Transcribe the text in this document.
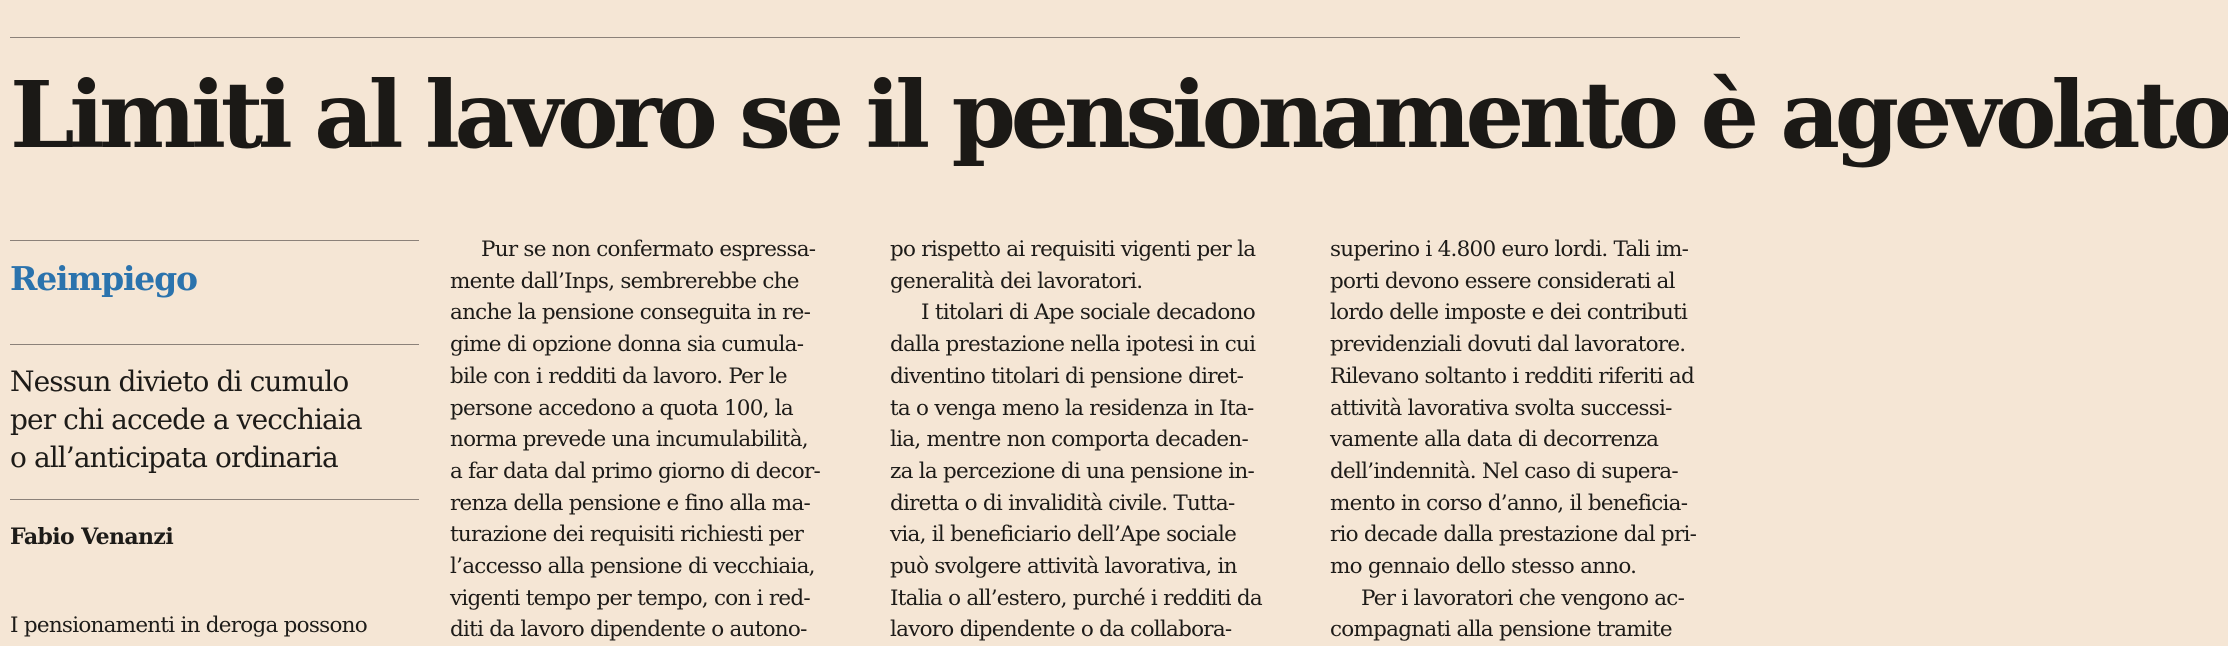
Limiti al lavoro se il pensionamento è agevolato
Reimpiego
Nessun divieto di cumulo
per chi accede a vecchiaia
o all’anticipata ordinaria
Fabio Venanzi
I pensionamenti in deroga possono
Pur se non confermato espressa-
mente dall’Inps, sembrerebbe che
anche la pensione conseguita in re-
gime di opzione donna sia cumula-
bile con i redditi da lavoro. Per le
persone accedono a quota 100, la
norma prevede una incumulabilità,
a far data dal primo giorno di decor-
renza della pensione e fino alla ma-
turazione dei requisiti richiesti per
l’accesso alla pensione di vecchiaia,
vigenti tempo per tempo, con i red-
diti da lavoro dipendente o autono-
po rispetto ai requisiti vigenti per la
generalità dei lavoratori.
I titolari di Ape sociale decadono
dalla prestazione nella ipotesi in cui
diventino titolari di pensione diret-
ta o venga meno la residenza in Ita-
lia, mentre non comporta decaden-
za la percezione di una pensione in-
diretta o di invalidità civile. Tutta-
via, il beneficiario dell’Ape sociale
può svolgere attività lavorativa, in
Italia o all’estero, purché i redditi da
lavoro dipendente o da collabora-
superino i 4.800 euro lordi. Tali im-
porti devono essere considerati al
lordo delle imposte e dei contributi
previdenziali dovuti dal lavoratore.
Rilevano soltanto i redditi riferiti ad
attività lavorativa svolta successi-
vamente alla data di decorrenza
dell’indennità. Nel caso di supera-
mento in corso d’anno, il beneficia-
rio decade dalla prestazione dal pri-
mo gennaio dello stesso anno.
Per i lavoratori che vengono ac-
compagnati alla pensione tramite
